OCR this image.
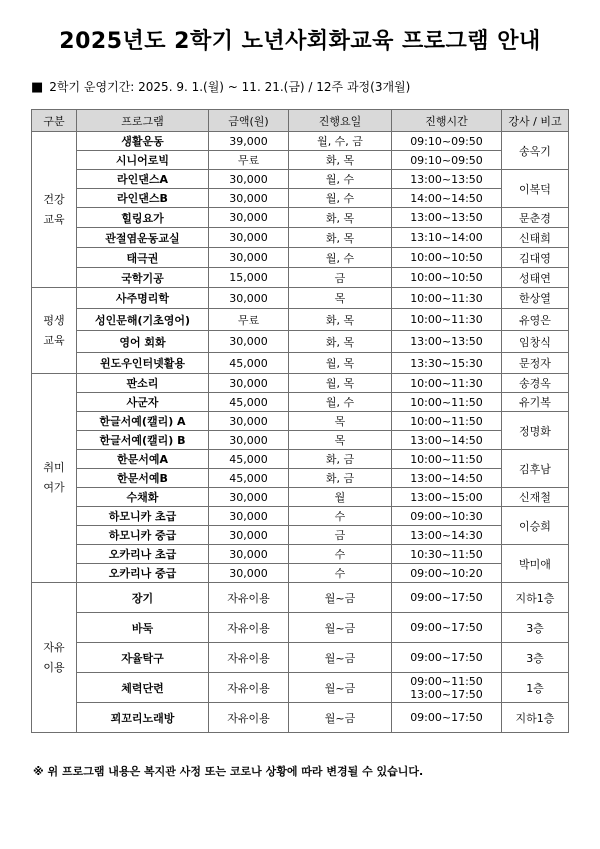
2025년도 2학기 노년사회화교육 프로그램 안내
■ 2학기 운영기간: 2025. 9. 1.(월) ~ 11. 21.(금) / 12주 과정(3개월)
구분	프로그램	금액(원)	진행요일	진행시간	강사 / 비고
건강
교육	생활운동	39,000	월, 수, 금	09:10~09:50	송옥기
	시니어로빅	무료	화, 목	09:10~09:50	
	라인댄스A	30,000	월, 수	13:00~13:50	이복덕
	라인댄스B	30,000	월, 수	14:00~14:50	
	힐링요가	30,000	화, 목	13:00~13:50	문춘경
	관절염운동교실	30,000	화, 목	13:10~14:00	신태희
	태극권	30,000	월, 수	10:00~10:50	김대영
	국학기공	15,000	금	10:00~10:50	성태연
평생
교육	사주명리학	30,000	목	10:00~11:30	한상열
	성인문해(기초영어)	무료	화, 목	10:00~11:30	유영은
	영어 회화	30,000	화, 목	13:00~13:50	임창식
	윈도우인터넷활용	45,000	월, 목	13:30~15:30	문정자
취미
여가	판소리	30,000	월, 목	10:00~11:30	송경옥
	사군자	45,000	월, 수	10:00~11:50	유기복
	한글서예(캘리) A	30,000	목	10:00~11:50	정명화
	한글서예(캘리) B	30,000	목	13:00~14:50	
	한문서예A	45,000	화, 금	10:00~11:50	김후남
	한문서예B	45,000	화, 금	13:00~14:50	
	수채화	30,000	월	13:00~15:00	신재철
	하모니카 초급	30,000	수	09:00~10:30	이승희
	하모니카 중급	30,000	금	13:00~14:30	
	오카리나 초급	30,000	수	10:30~11:50	박미애
	오카리나 중급	30,000	수	09:00~10:20	
자유
이용	장기	자유이용	월~금	09:00~17:50	지하1층
	바둑	자유이용	월~금	09:00~17:50	3층
	자율탁구	자유이용	월~금	09:00~17:50	3층
	체력단련	자유이용	월~금	09:00~11:50
13:00~17:50	1층
	꾀꼬리노래방	자유이용	월~금	09:00~17:50	지하1층
※ 위 프로그램 내용은 복지관 사정 또는 코로나 상황에 따라 변경될 수 있습니다.
